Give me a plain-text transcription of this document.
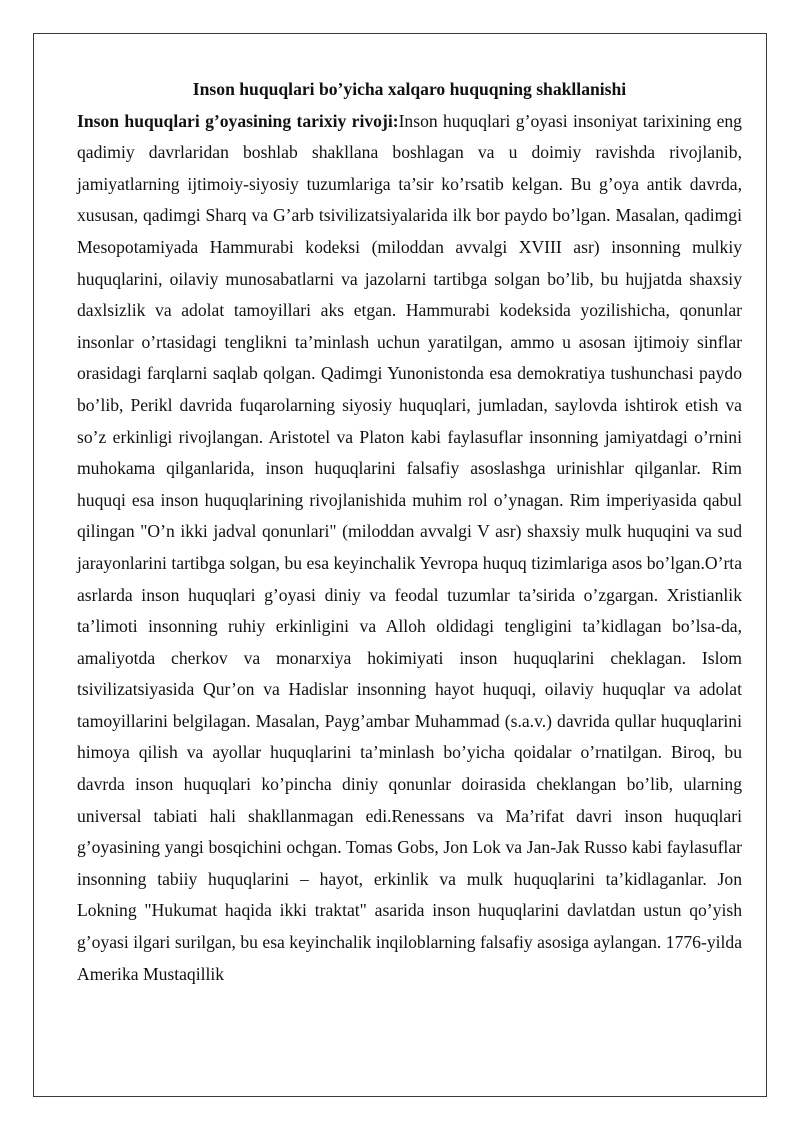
Inson huquqlari bo’yicha xalqaro huquqning shakllanishi

Inson huquqlari g’oyasining tarixiy rivoji:Inson huquqlari g’oyasi insoniyat tarixining eng qadimiy davrlaridan boshlab shakllana boshlagan va u doimiy ravishda rivojlanib, jamiyatlarning ijtimoiy-siyosiy tuzumlariga ta’sir ko’rsatib kelgan. Bu g’oya antik davrda, xususan, qadimgi Sharq va G’arb tsivilizatsiyalarida ilk bor paydo bo’lgan. Masalan, qadimgi Mesopotamiyada Hammurabi kodeksi (miloddan avvalgi XVIII asr) insonning mulkiy huquqlarini, oilaviy munosabatlarni va jazolarni tartibga solgan bo’lib, bu hujjatda shaxsiy daxlsizlik va adolat tamoyillari aks etgan. Hammurabi kodeksida yozilishicha, qonunlar insonlar o’rtasidagi tenglikni ta’minlash uchun yaratilgan, ammo u asosan ijtimoiy sinflar orasidagi farqlarni saqlab qolgan. Qadimgi Yunonistonda esa demokratiya tushunchasi paydo bo’lib, Perikl davrida fuqarolarning siyosiy huquqlari, jumladan, saylovda ishtirok etish va so’z erkinligi rivojlangan. Aristotel va Platon kabi faylasuflar insonning jamiyatdagi o’rnini muhokama qilganlarida, inson huquqlarini falsafiy asoslashga urinishlar qilganlar. Rim huquqi esa inson huquqlarining rivojlanishida muhim rol o’ynagan. Rim imperiyasida qabul qilingan "O’n ikki jadval qonunlari" (miloddan avvalgi V asr) shaxsiy mulk huquqini va sud jarayonlarini tartibga solgan, bu esa keyinchalik Yevropa huquq tizimlariga asos bo’lgan.O’rta asrlarda inson huquqlari g’oyasi diniy va feodal tuzumlar ta’sirida o’zgargan. Xristianlik ta’limoti insonning ruhiy erkinligini va Alloh oldidagi tengligini ta’kidlagan bo’lsa-da, amaliyotda cherkov va monarxiya hokimiyati inson huquqlarini cheklagan. Islom tsivilizatsiyasida Qur’on va Hadislar insonning hayot huquqi, oilaviy huquqlar va adolat tamoyillarini belgilagan. Masalan, Payg’ambar Muhammad (s.a.v.) davrida qullar huquqlarini himoya qilish va ayollar huquqlarini ta’minlash bo’yicha qoidalar o’rnatilgan. Biroq, bu davrda inson huquqlari ko’pincha diniy qonunlar doirasida cheklangan bo’lib, ularning universal tabiati hali shakllanmagan edi.Renessans va Ma’rifat davri inson huquqlari g’oyasining yangi bosqichini ochgan. Tomas Gobs, Jon Lok va Jan-Jak Russo kabi faylasuflar insonning tabiiy huquqlarini – hayot, erkinlik va mulk huquqlarini ta’kidlaganlar. Jon Lokning "Hukumat haqida ikki traktat" asarida inson huquqlarini davlatdan ustun qo’yish g’oyasi ilgari surilgan, bu esa keyinchalik inqiloblarning falsafiy asosiga aylangan. 1776-yilda Amerika Mustaqillik
